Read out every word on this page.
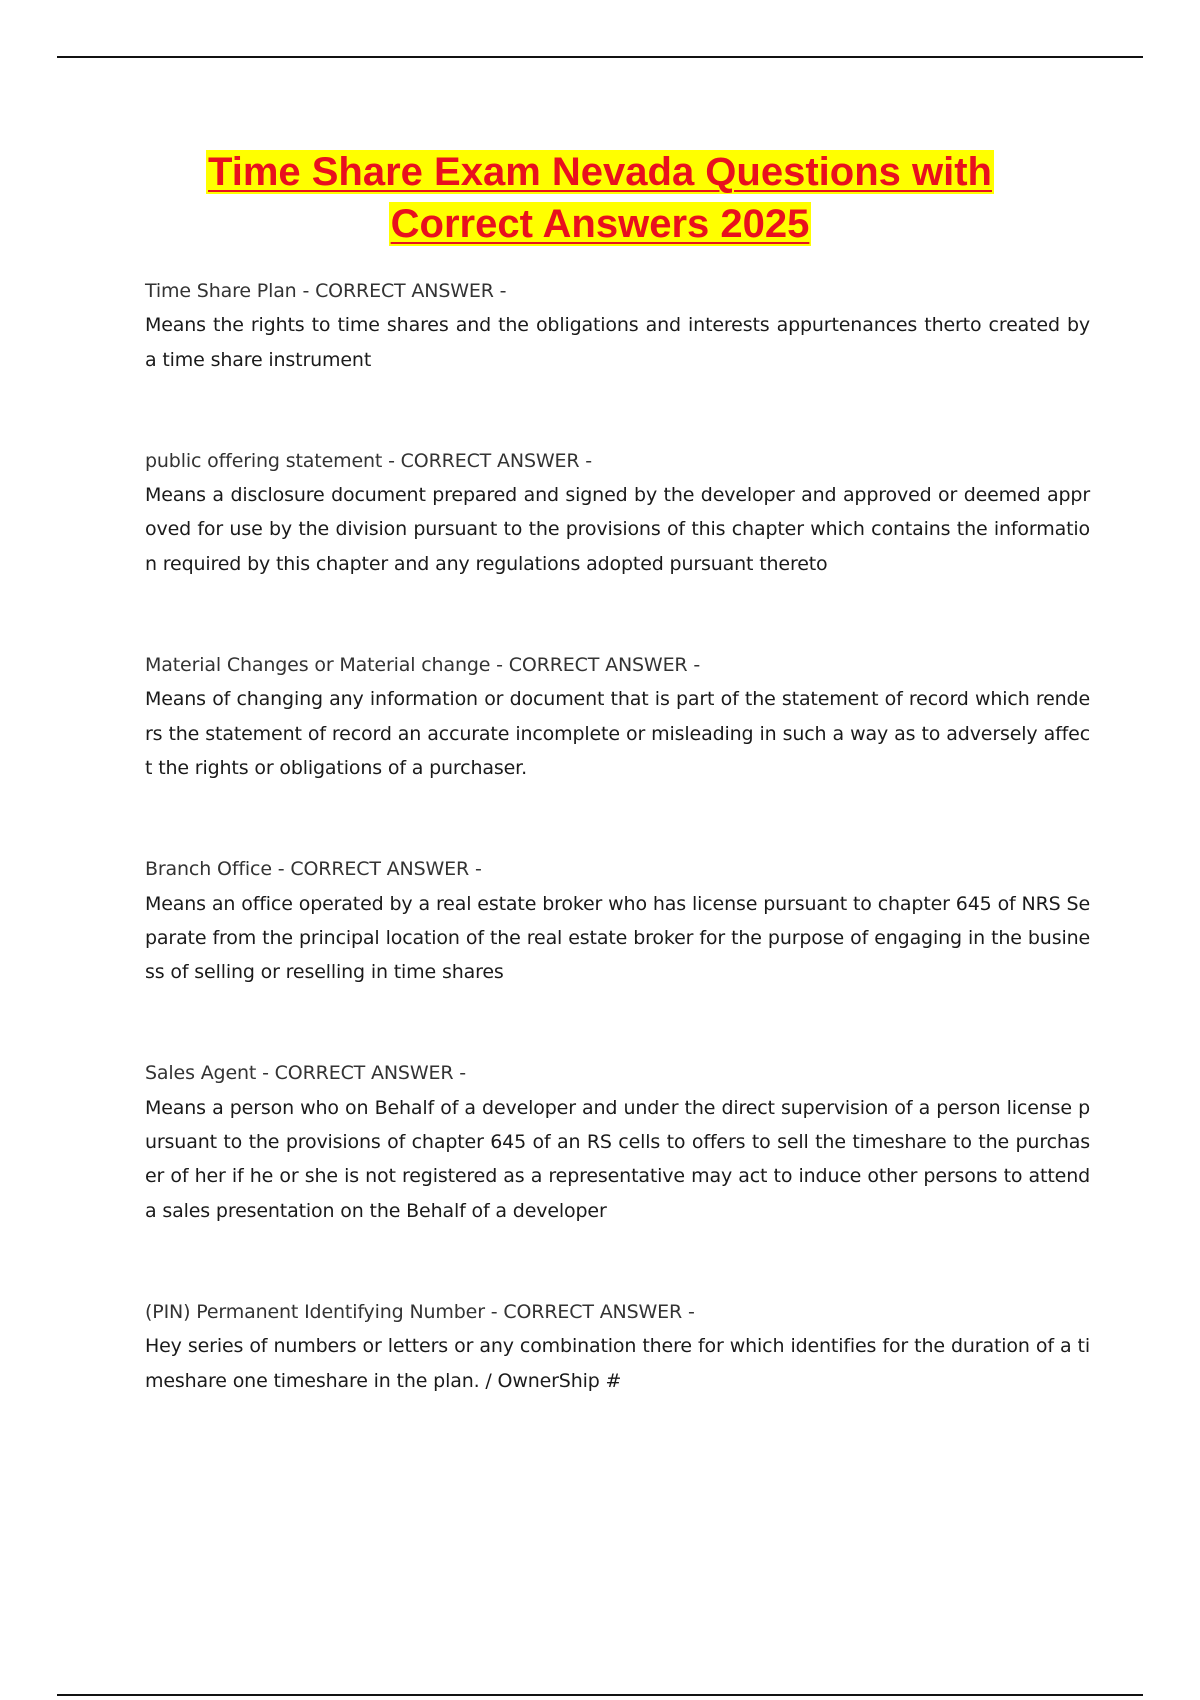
Time Share Exam Nevada Questions with
Correct Answers 2025
Time Share Plan - CORRECT ANSWER -
Means the rights to time shares and the obligations and interests appurtenances therto created by a time share instrument
public offering statement - CORRECT ANSWER -
Means a disclosure document prepared and signed by the developer and approved or deemed approved for use by the division pursuant to the provisions of this chapter which contains the information required by this chapter and any regulations adopted pursuant thereto
Material Changes or Material change - CORRECT ANSWER -
Means of changing any information or document that is part of the statement of record which renders the statement of record an accurate incomplete or misleading in such a way as to adversely affect the rights or obligations of a purchaser.
Branch Office - CORRECT ANSWER -
Means an office operated by a real estate broker who has license pursuant to chapter 645 of NRS Separate from the principal location of the real estate broker for the purpose of engaging in the business of selling or reselling in time shares
Sales Agent - CORRECT ANSWER -
Means a person who on Behalf of a developer and under the direct supervision of a person license pursuant to the provisions of chapter 645 of an RS cells to offers to sell the timeshare to the purchaser of her if he or she is not registered as a representative may act to induce other persons to attend a sales presentation on the Behalf of a developer
(PIN) Permanent Identifying Number - CORRECT ANSWER -
Hey series of numbers or letters or any combination there for which identifies for the duration of a timeshare one timeshare in the plan. / OwnerShip #
